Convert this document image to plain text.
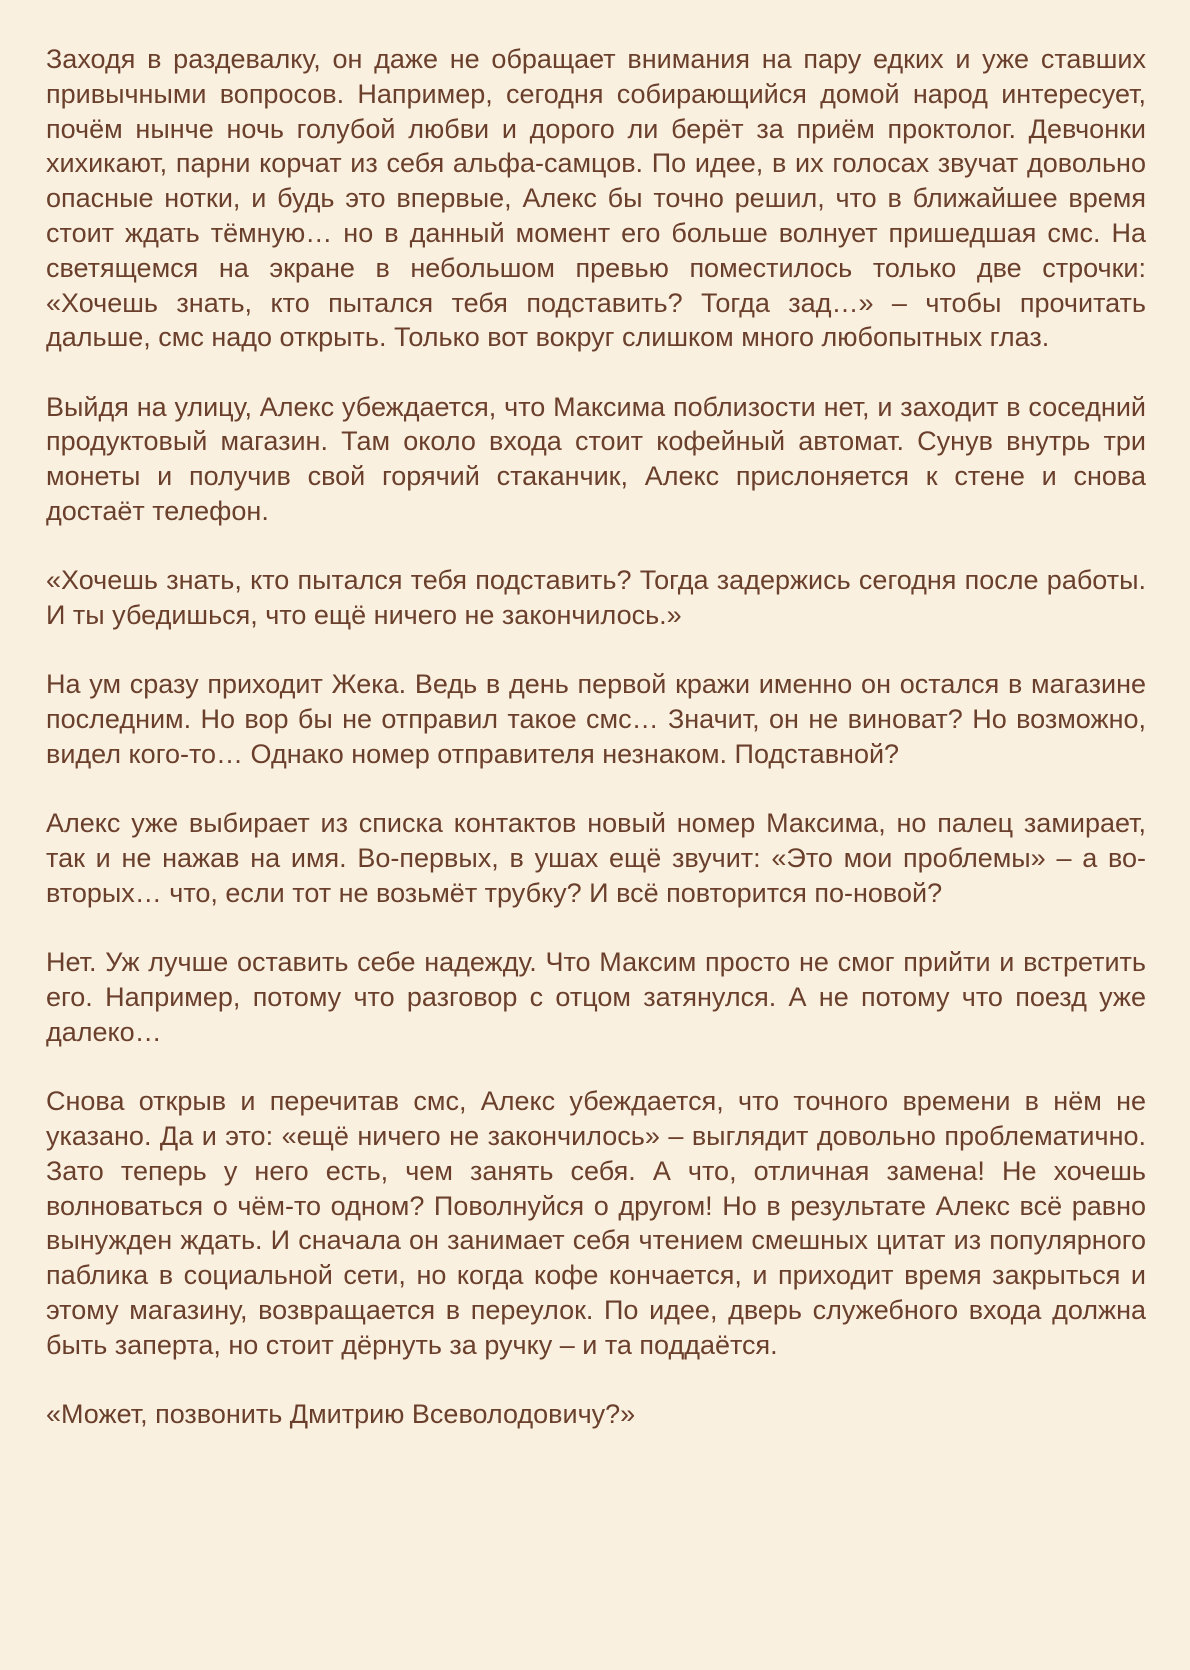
Заходя в раздевалку, он даже не обращает внимания на пару едких и уже ставших привычными вопросов. Например, сегодня собирающийся домой народ интересует, почём нынче ночь голубой любви и дорого ли берёт за приём проктолог. Девчонки хихикают, парни корчат из себя альфа-самцов. По идее, в их голосах звучат довольно опасные нотки, и будь это впервые, Алекс бы точно решил, что в ближайшее время стоит ждать тёмную… но в данный момент его больше волнует пришедшая смс. На светящемся на экране в небольшом превью поместилось только две строчки: «Хочешь знать, кто пытался тебя подставить? Тогда зад…» – чтобы прочитать дальше, смс надо открыть. Только вот вокруг слишком много любопытных глаз.

Выйдя на улицу, Алекс убеждается, что Максима поблизости нет, и заходит в соседний продуктовый магазин. Там около входа стоит кофейный автомат. Сунув внутрь три монеты и получив свой горячий стаканчик, Алекс прислоняется к стене и снова достаёт телефон.

«Хочешь знать, кто пытался тебя подставить? Тогда задержись сегодня после работы. И ты убедишься, что ещё ничего не закончилось.»

На ум сразу приходит Жека. Ведь в день первой кражи именно он остался в магазине последним. Но вор бы не отправил такое смс… Значит, он не виноват? Но возможно, видел кого-то… Однако номер отправителя незнаком. Подставной?

Алекс уже выбирает из списка контактов новый номер Максима, но палец замирает, так и не нажав на имя. Во-первых, в ушах ещё звучит: «Это мои проблемы» – а во-вторых… что, если тот не возьмёт трубку? И всё повторится по-новой?

Нет. Уж лучше оставить себе надежду. Что Максим просто не смог прийти и встретить его. Например, потому что разговор с отцом затянулся. А не потому что поезд уже далеко…

Снова открыв и перечитав смс, Алекс убеждается, что точного времени в нём не указано. Да и это: «ещё ничего не закончилось» – выглядит довольно проблематично. Зато теперь у него есть, чем занять себя. А что, отличная замена! Не хочешь волноваться о чём-то одном? Поволнуйся о другом! Но в результате Алекс всё равно вынужден ждать. И сначала он занимает себя чтением смешных цитат из популярного паблика в социальной сети, но когда кофе кончается, и приходит время закрыться и этому магазину, возвращается в переулок. По идее, дверь служебного входа должна быть заперта, но стоит дёрнуть за ручку – и та поддаётся.

«Может, позвонить Дмитрию Всеволодовичу?»
